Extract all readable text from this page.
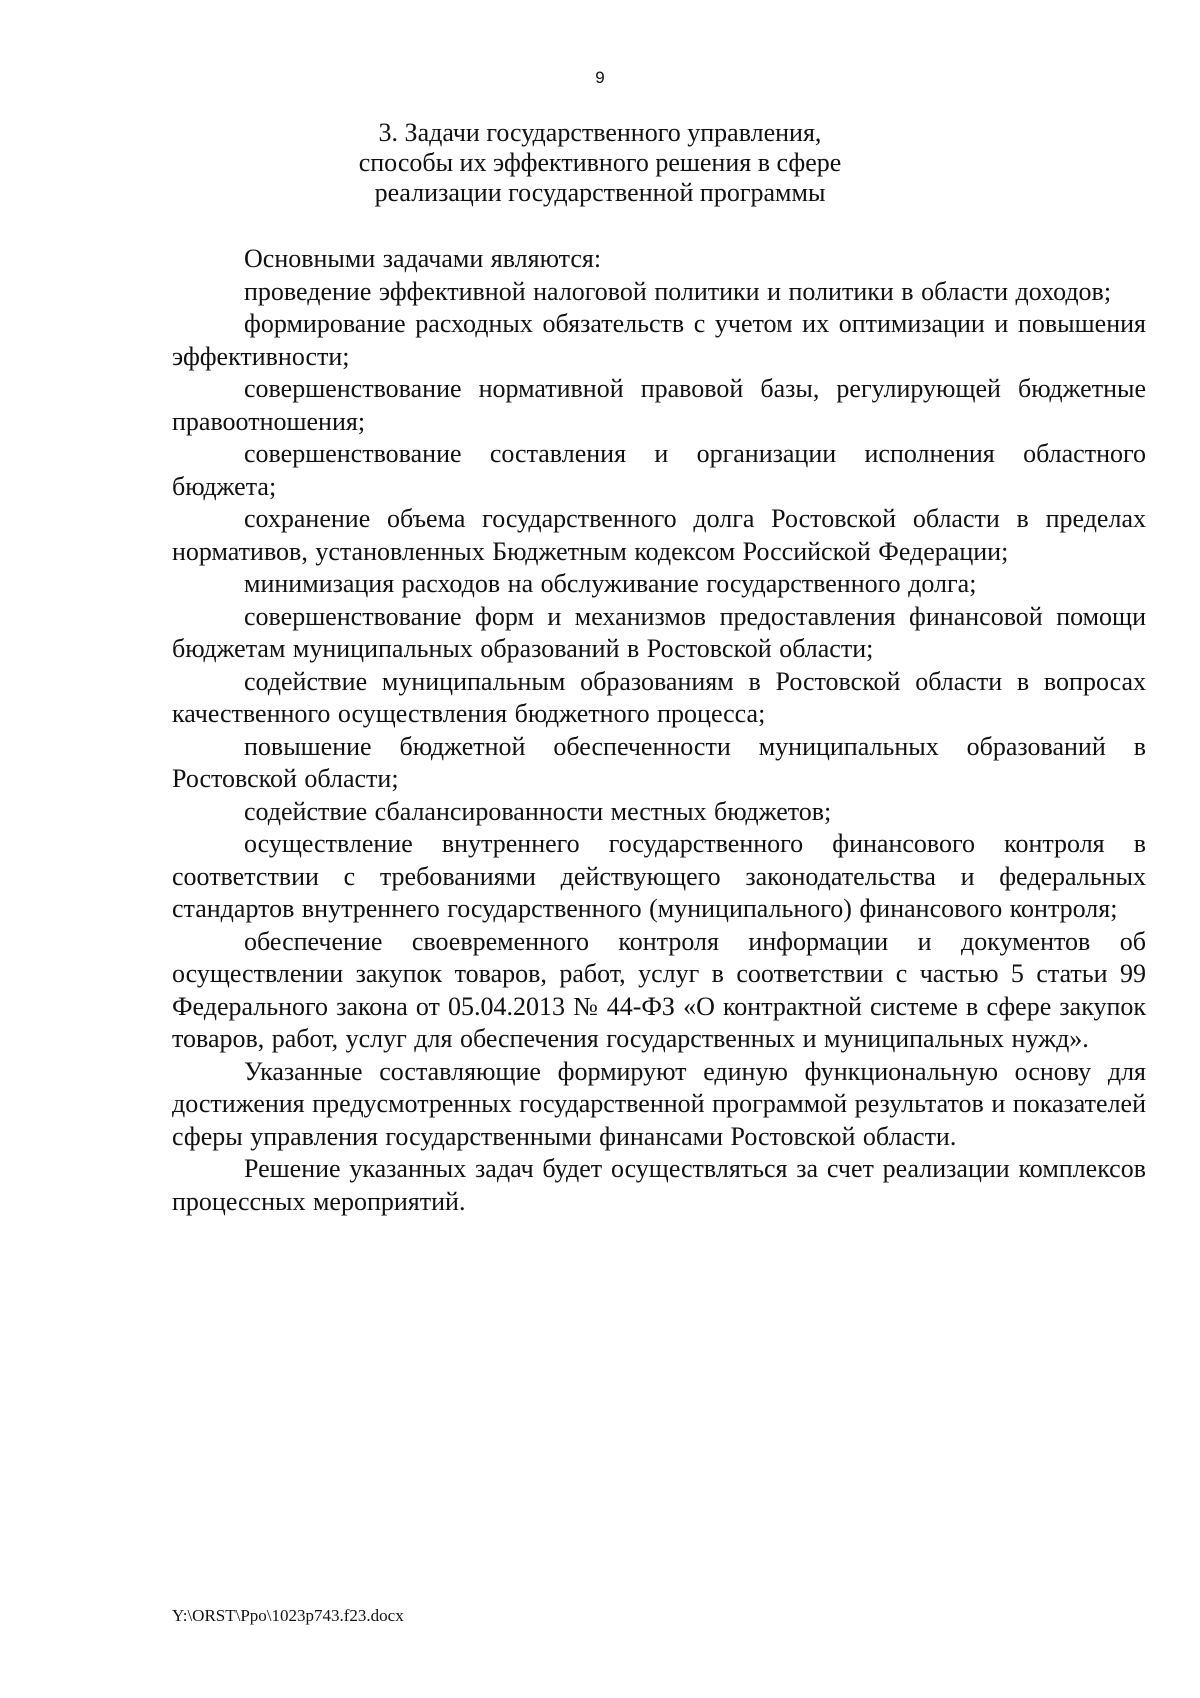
9
3. Задачи государственного управления,
способы их эффективного решения в сфере
реализации государственной программы

Основными задачами являются:

проведение эффективной налоговой политики и политики в области доходов;

формирование расходных обязательств с учетом их оптимизации и повышения эффективности;

совершенствование нормативной правовой базы, регулирующей бюджетные правоотношения;

совершенствование составления и организации исполнения областного бюджета;

сохранение объема государственного долга Ростовской области в пределах нормативов, установленных Бюджетным кодексом Российской Федерации;

минимизация расходов на обслуживание государственного долга;

совершенствование форм и механизмов предоставления финансовой помощи бюджетам муниципальных образований в Ростовской области;

содействие муниципальным образованиям в Ростовской области в вопросах качественного осуществления бюджетного процесса;

повышение бюджетной обеспеченности муниципальных образований в Ростовской области;

содействие сбалансированности местных бюджетов;

осуществление внутреннего государственного финансового контроля в соответствии с требованиями действующего законодательства и федеральных стандартов внутреннего государственного (муниципального) финансового контроля;

обеспечение своевременного контроля информации и документов об осуществлении закупок товаров, работ, услуг в соответствии с частью 5 статьи 99 Федерального закона от 05.04.2013 № 44-ФЗ «О контрактной системе в сфере закупок товаров, работ, услуг для обеспечения государственных и муниципальных нужд».

Указанные составляющие формируют единую функциональную основу для достижения предусмотренных государственной программой результатов и показателей сферы управления государственными финансами Ростовской области.

Решение указанных задач будет осуществляться за счет реализации комплексов процессных мероприятий.

Y:\ORST\Ppo\1023p743.f23.docx
